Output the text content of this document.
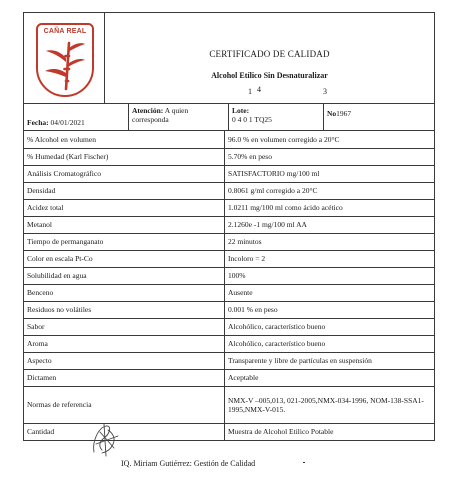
CAÑA REAL
CERTIFICADO DE CALIDAD
Alcohol Etílico Sin Desnaturalizar
1 4	3
Fecha:
04/01/2021
Atención: A quien
corresponda
Lote:
0 4 0 1 TQ25
No 1967
% Alcohol en volumen	96.0 % en volumen corregido a 20°C
% Humedad (Karl Fischer)	5.70% en peso
Análisis Cromatográfico	SATISFACTORIO mg/100 ml
Densidad	0.8061 g/ml corregido a 20°C
Acidez total	1.0211 mg/100 ml como ácido acético
Metanol	2.1260e -1 mg/100 ml AA
Tiempo de permanganato	22 minutos
Color en escala Pt-Co	Incoloro = 2
Solubilidad en agua	100%
Benceno	Ausente
Residuos no volátiles	0.001 % en peso
Sabor	Alcohólico, característico bueno
Aroma	Alcohólico, característico bueno
Aspecto	Transparente y libre de partículas en suspensión
Dictamen	Aceptable
Normas de referencia	NMX-V –005,013, 021-2005,NMX-034-1996, NOM-138-SSA1-1995,NMX-V-015.
Cantidad	Muestra de Alcohol Etilico Potable
IQ. Miriam Gutiérrez: Gestión de Calidad
